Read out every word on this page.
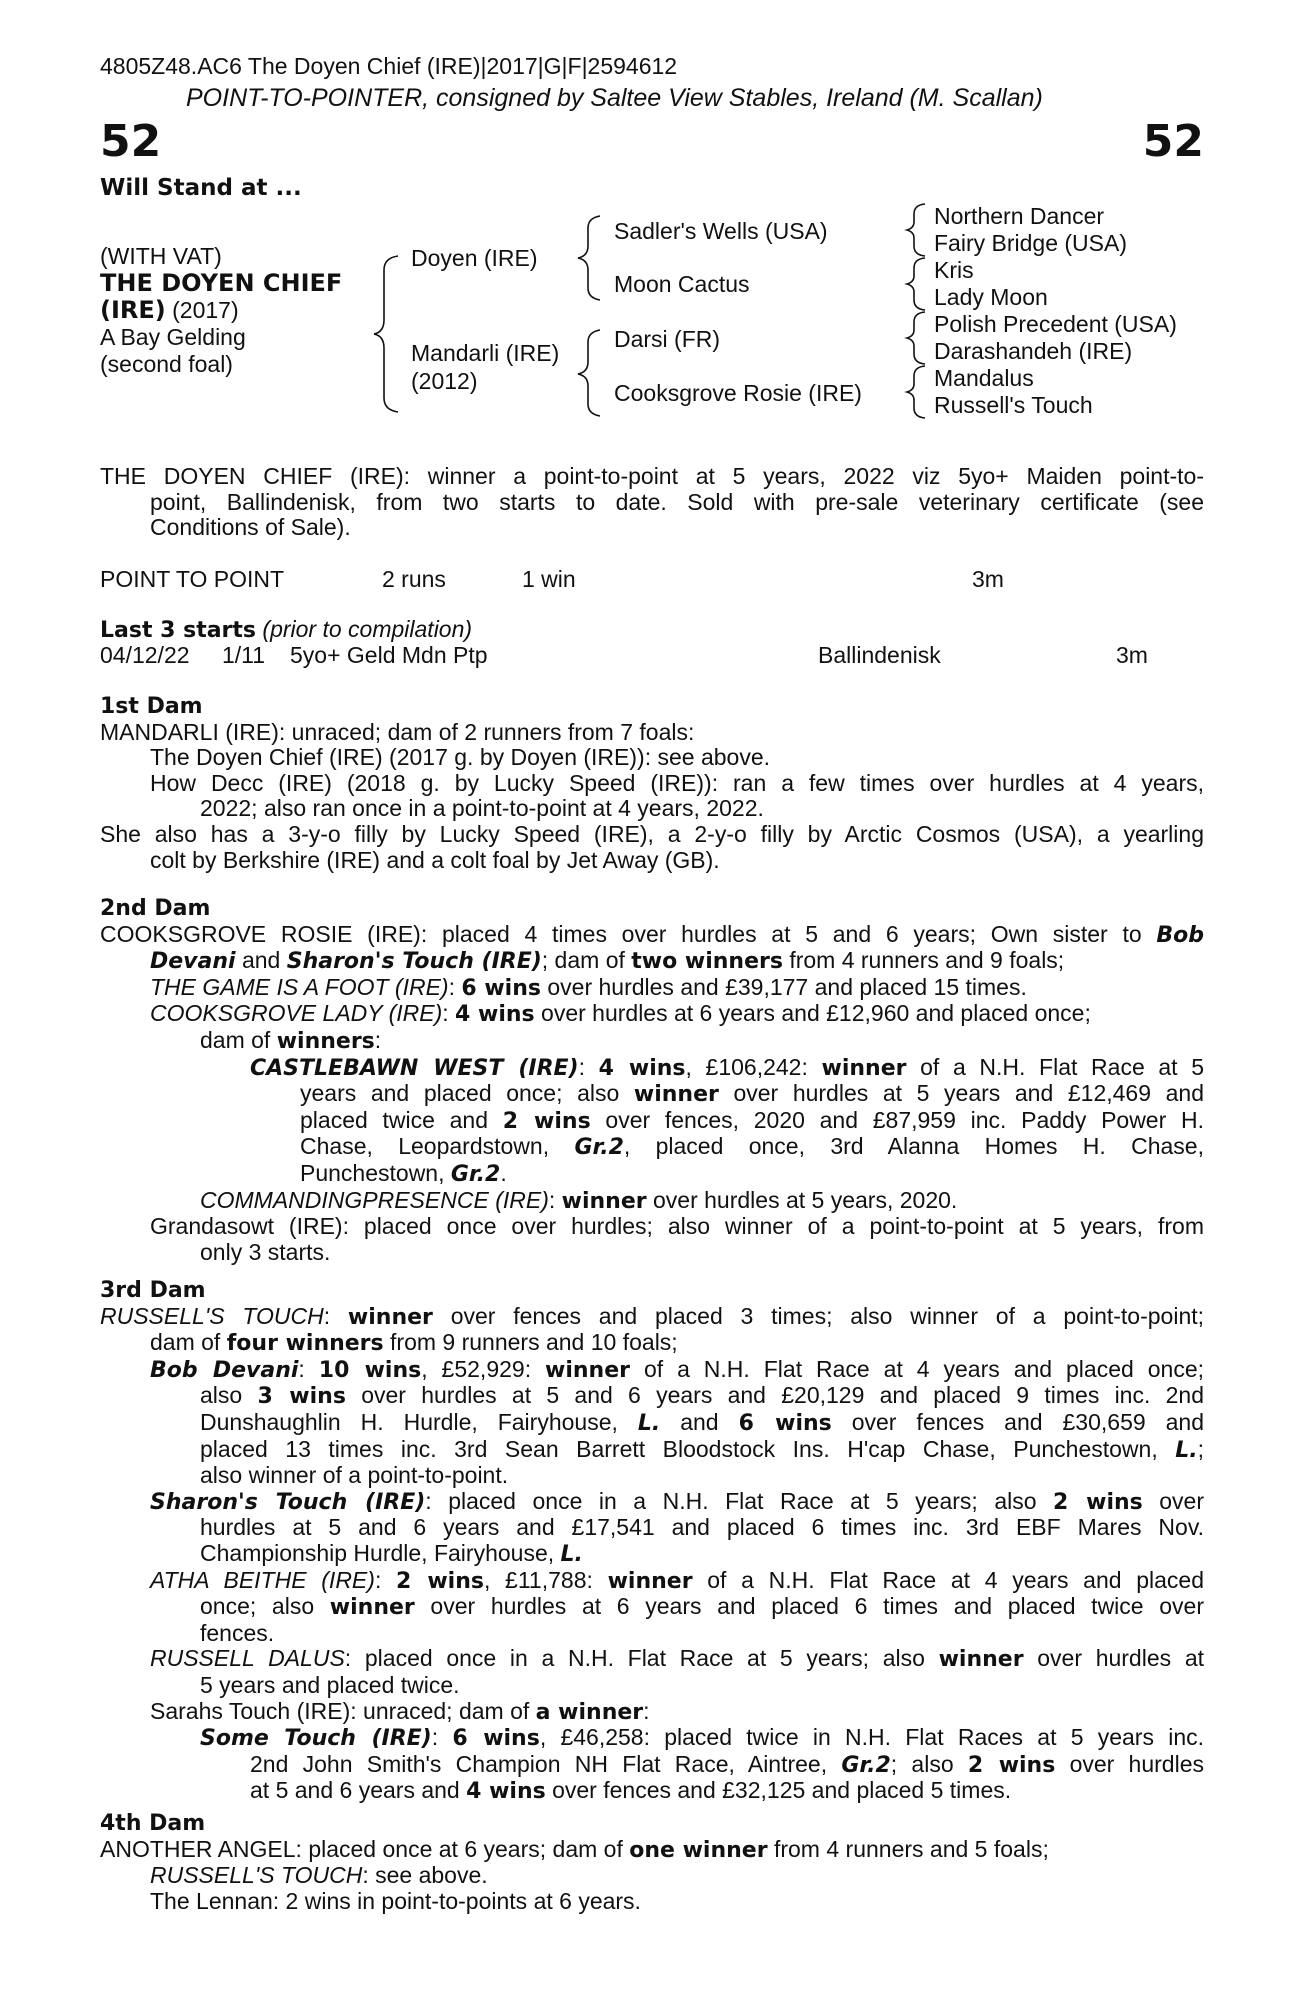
4805Z48.AC6 The Doyen Chief (IRE)|2017|G|F|2594612
POINT-TO-POINTER, consigned by Saltee View Stables, Ireland (M. Scallan)
52	52
Will Stand at ...
(WITH VAT)
THE DOYEN CHIEF
(IRE) (2017)
A Bay Gelding
(second foal)
Doyen (IRE)
Mandarli (IRE)
(2012)
Sadler's Wells (USA)
Moon Cactus
Darsi (FR)
Cooksgrove Rosie (IRE)
Northern Dancer
Fairy Bridge (USA)
Kris
Lady Moon
Polish Precedent (USA)
Darashandeh (IRE)
Mandalus
Russell's Touch
THE DOYEN CHIEF (IRE): winner a point-to-point at 5 years, 2022 viz 5yo+ Maiden point-to-
point, Ballindenisk, from two starts to date. Sold with pre-sale veterinary certificate (see
Conditions of Sale).
POINT TO POINT	2 runs	1 win	3m
Last 3 starts (prior to compilation)
04/12/22 1/11 5yo+ Geld Mdn Ptp	Ballindenisk	3m
1st Dam
MANDARLI (IRE): unraced; dam of 2 runners from 7 foals:
The Doyen Chief (IRE) (2017 g. by Doyen (IRE)): see above.
How Decc (IRE) (2018 g. by Lucky Speed (IRE)): ran a few times over hurdles at 4 years,
2022; also ran once in a point-to-point at 4 years, 2022.
She also has a 3-y-o filly by Lucky Speed (IRE), a 2-y-o filly by Arctic Cosmos (USA), a yearling
colt by Berkshire (IRE) and a colt foal by Jet Away (GB).
2nd Dam
COOKSGROVE ROSIE (IRE): placed 4 times over hurdles at 5 and 6 years; Own sister to Bob
Devani and Sharon's Touch (IRE); dam of two winners from 4 runners and 9 foals;
THE GAME IS A FOOT (IRE): 6 wins over hurdles and £39,177 and placed 15 times.
COOKSGROVE LADY (IRE): 4 wins over hurdles at 6 years and £12,960 and placed once;
dam of winners:
CASTLEBAWN WEST (IRE): 4 wins, £106,242: winner of a N.H. Flat Race at 5
years and placed once; also winner over hurdles at 5 years and £12,469 and
placed twice and 2 wins over fences, 2020 and £87,959 inc. Paddy Power H.
Chase, Leopardstown, Gr.2, placed once, 3rd Alanna Homes H. Chase,
Punchestown, Gr.2.
COMMANDINGPRESENCE (IRE): winner over hurdles at 5 years, 2020.
Grandasowt (IRE): placed once over hurdles; also winner of a point-to-point at 5 years, from
only 3 starts.
3rd Dam
RUSSELL'S TOUCH: winner over fences and placed 3 times; also winner of a point-to-point;
dam of four winners from 9 runners and 10 foals;
Bob Devani: 10 wins, £52,929: winner of a N.H. Flat Race at 4 years and placed once;
also 3 wins over hurdles at 5 and 6 years and £20,129 and placed 9 times inc. 2nd
Dunshaughlin H. Hurdle, Fairyhouse, L. and 6 wins over fences and £30,659 and
placed 13 times inc. 3rd Sean Barrett Bloodstock Ins. H'cap Chase, Punchestown, L.;
also winner of a point-to-point.
Sharon's Touch (IRE): placed once in a N.H. Flat Race at 5 years; also 2 wins over
hurdles at 5 and 6 years and £17,541 and placed 6 times inc. 3rd EBF Mares Nov.
Championship Hurdle, Fairyhouse, L.
ATHA BEITHE (IRE): 2 wins, £11,788: winner of a N.H. Flat Race at 4 years and placed
once; also winner over hurdles at 6 years and placed 6 times and placed twice over
fences.
RUSSELL DALUS: placed once in a N.H. Flat Race at 5 years; also winner over hurdles at
5 years and placed twice.
Sarahs Touch (IRE): unraced; dam of a winner:
Some Touch (IRE): 6 wins, £46,258: placed twice in N.H. Flat Races at 5 years inc.
2nd John Smith's Champion NH Flat Race, Aintree, Gr.2; also 2 wins over hurdles
at 5 and 6 years and 4 wins over fences and £32,125 and placed 5 times.
4th Dam
ANOTHER ANGEL: placed once at 6 years; dam of one winner from 4 runners and 5 foals;
RUSSELL'S TOUCH: see above.
The Lennan: 2 wins in point-to-points at 6 years.
